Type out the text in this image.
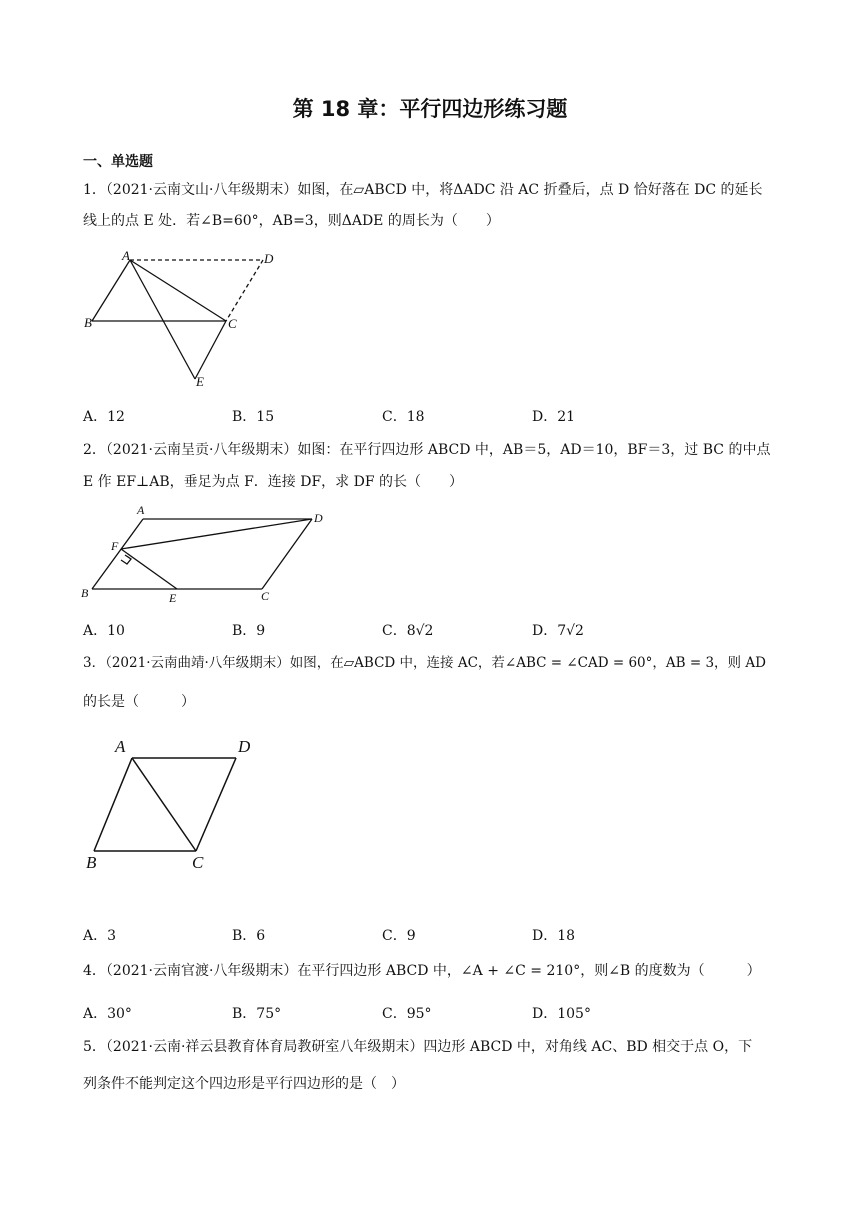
第 18 章：平行四边形练习题
一、单选题
1．（2021·云南文山·八年级期末）如图，在▱ABCD 中，将ΔADC 沿 AC 折叠后，点 D 恰好落在 DC 的延长
线上的点 E 处．若∠B=60°，AB=3，则ΔADE 的周长为（　　）
A	D
B	C
E
A．12	B．15	C．18	D．21
2．（2021·云南呈贡·八年级期末）如图：在平行四边形 ABCD 中，AB＝5，AD＝10，BF＝3，过 BC 的中点
E 作 EF⊥AB，垂足为点 F．连接 DF，求 DF 的长（　　）
A
D
F
B	E	C
A．10	B．9	C．8√2	D．7√2
3．（2021·云南曲靖·八年级期末）如图，在▱ABCD 中，连接 AC，若∠ABC = ∠CAD = 60°，AB = 3，则 AD
的长是（　　　）
A	D
B	C
A．3	B．6	C．9	D．18
4．（2021·云南官渡·八年级期末）在平行四边形 ABCD 中，∠A + ∠C = 210°，则∠B 的度数为（　　　）
A．30°	B．75°	C．95°	D．105°
5．（2021·云南·祥云县教育体育局教研室八年级期末）四边形 ABCD 中，对角线 AC、BD 相交于点 O，下
列条件不能判定这个四边形是平行四边形的是（　）
